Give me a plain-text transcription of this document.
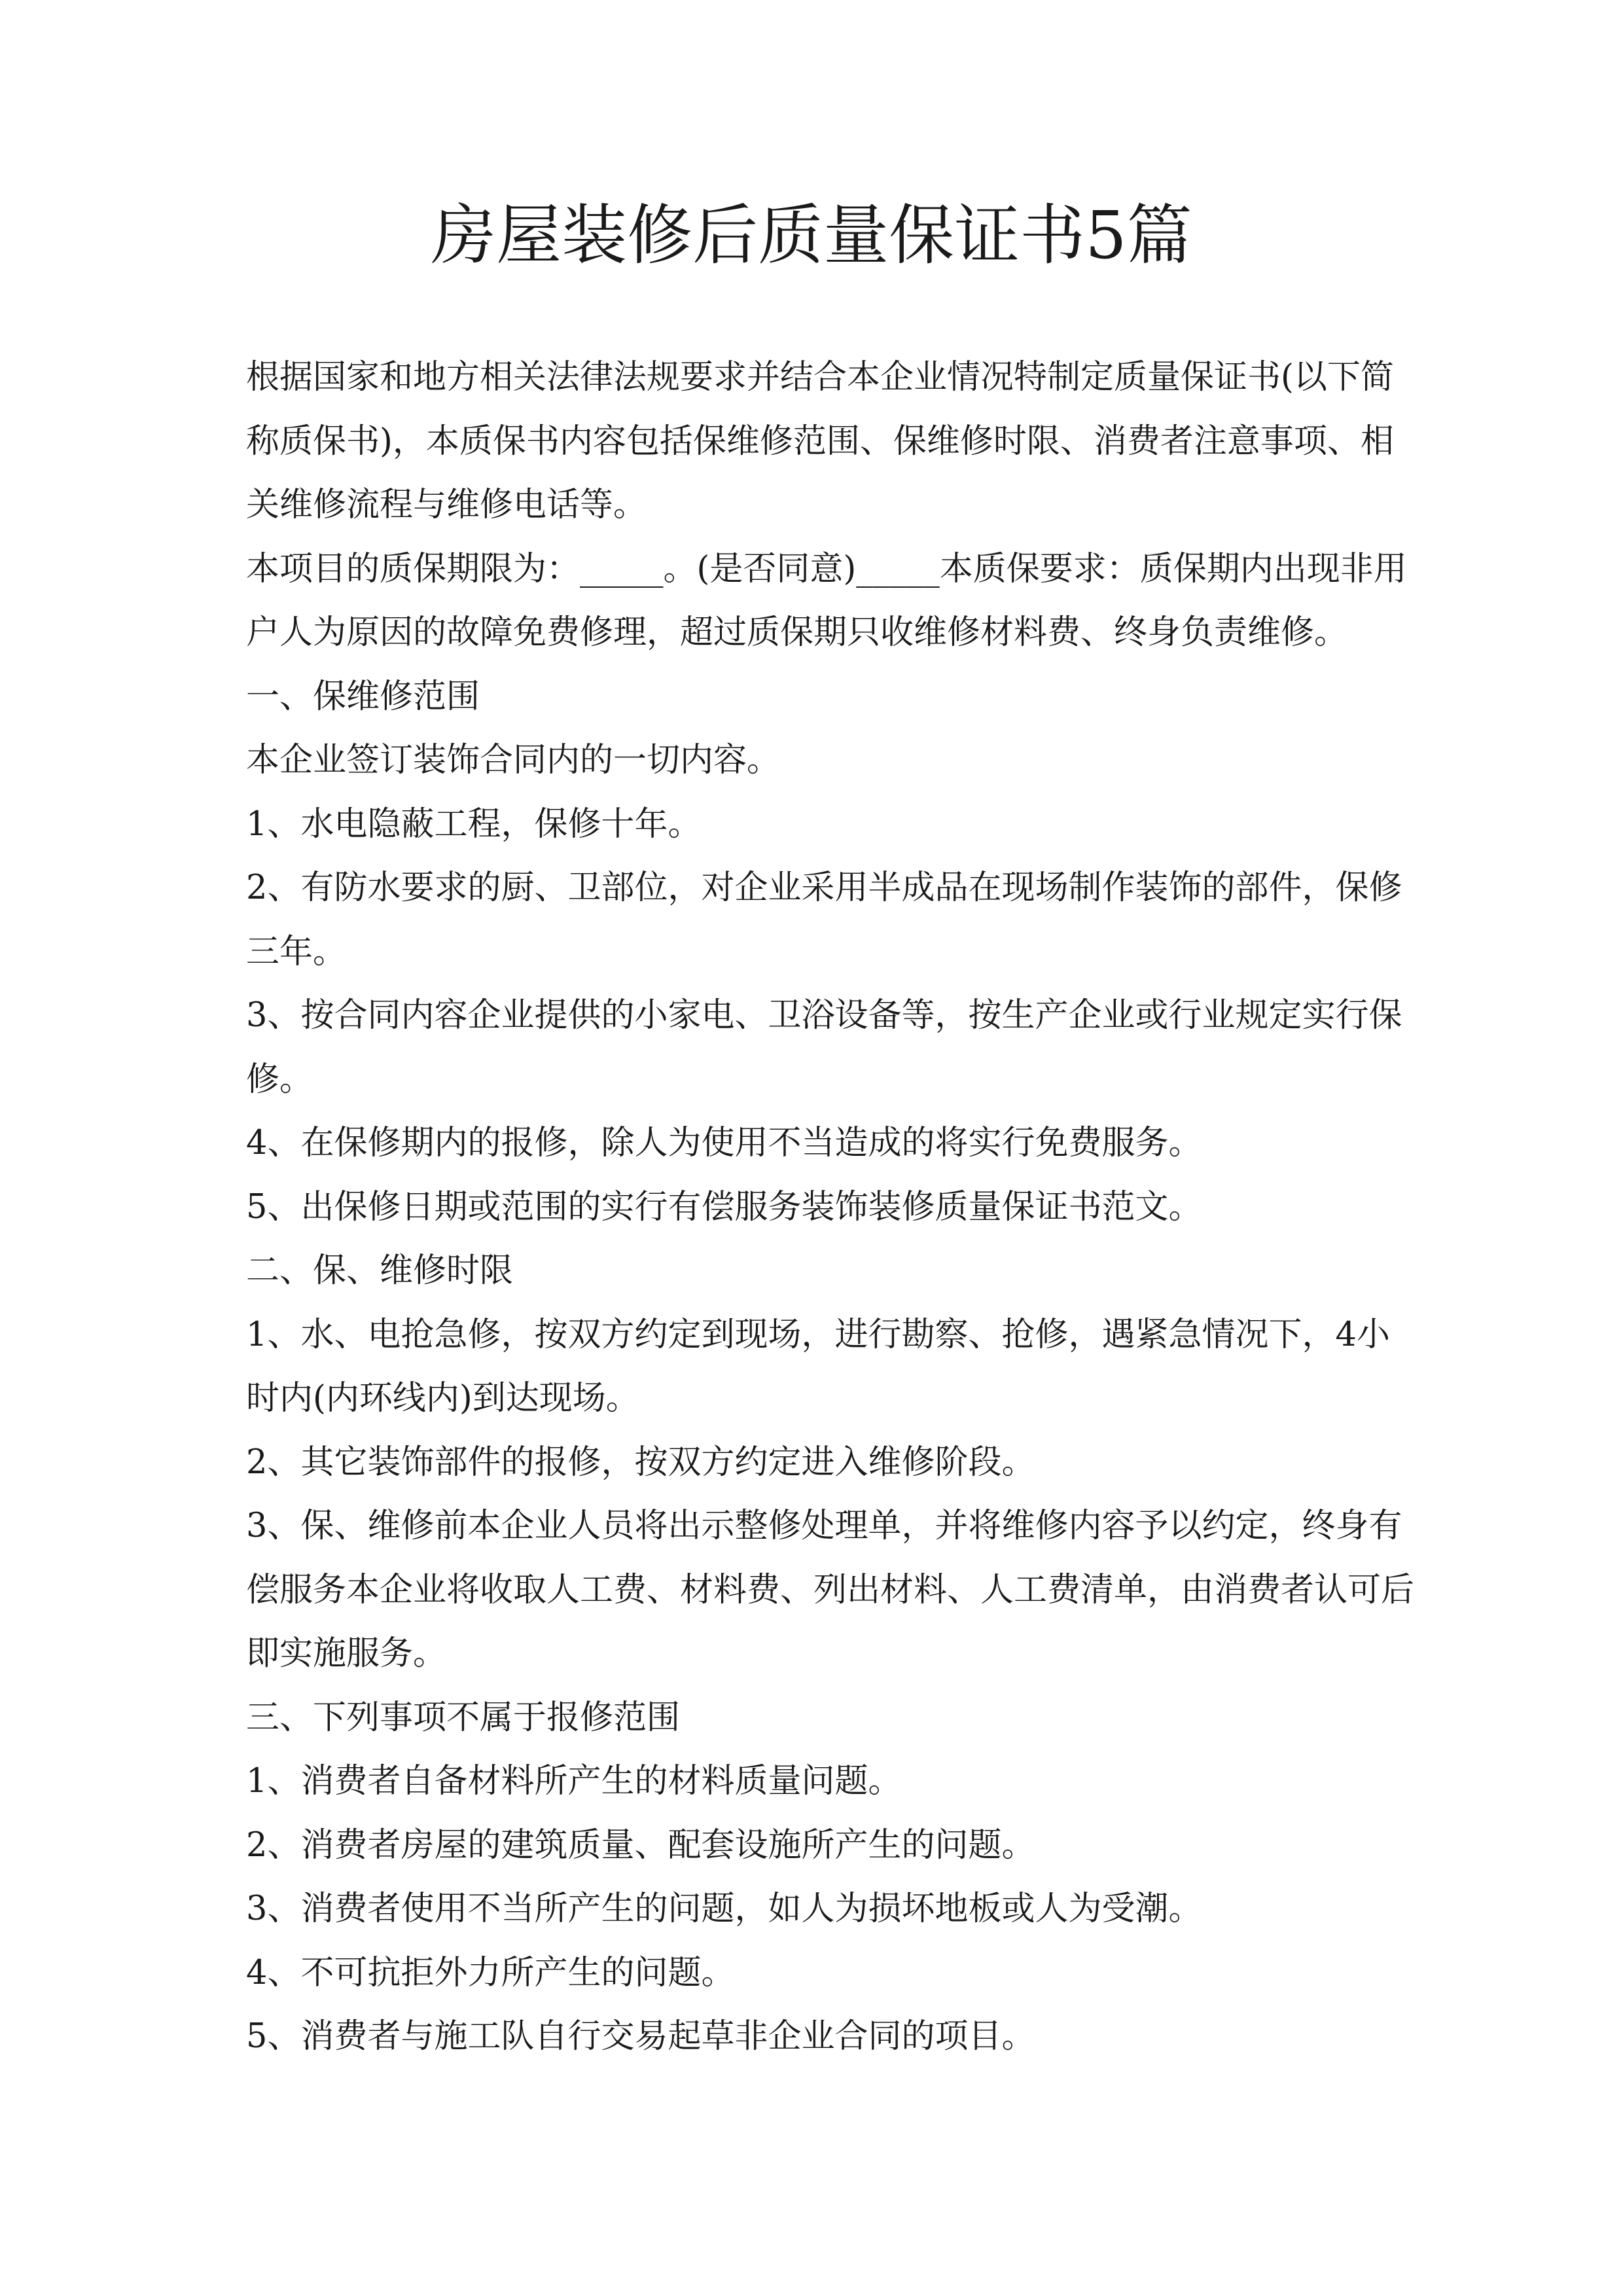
房屋装修后质量保证书5篇
根据国家和地方相关法律法规要求并结合本企业情况特制定质量保证书(以下简
称质保书)，本质保书内容包括保维修范围、保维修时限、消费者注意事项、相
关维修流程与维修电话等。
本项目的质保期限为：_____。(是否同意)_____本质保要求：质保期内出现非用
户人为原因的故障免费修理，超过质保期只收维修材料费、终身负责维修。
一、保维修范围
本企业签订装饰合同内的一切内容。
1、水电隐蔽工程，保修十年。
2、有防水要求的厨、卫部位，对企业采用半成品在现场制作装饰的部件，保修
三年。
3、按合同内容企业提供的小家电、卫浴设备等，按生产企业或行业规定实行保
修。
4、在保修期内的报修，除人为使用不当造成的将实行免费服务。
5、出保修日期或范围的实行有偿服务装饰装修质量保证书范文。
二、保、维修时限
1、水、电抢急修，按双方约定到现场，进行勘察、抢修，遇紧急情况下，4小
时内(内环线内)到达现场。
2、其它装饰部件的报修，按双方约定进入维修阶段。
3、保、维修前本企业人员将出示整修处理单，并将维修内容予以约定，终身有
偿服务本企业将收取人工费、材料费、列出材料、人工费清单，由消费者认可后
即实施服务。
三、下列事项不属于报修范围
1、消费者自备材料所产生的材料质量问题。
2、消费者房屋的建筑质量、配套设施所产生的问题。
3、消费者使用不当所产生的问题，如人为损坏地板或人为受潮。
4、不可抗拒外力所产生的问题。
5、消费者与施工队自行交易起草非企业合同的项目。
